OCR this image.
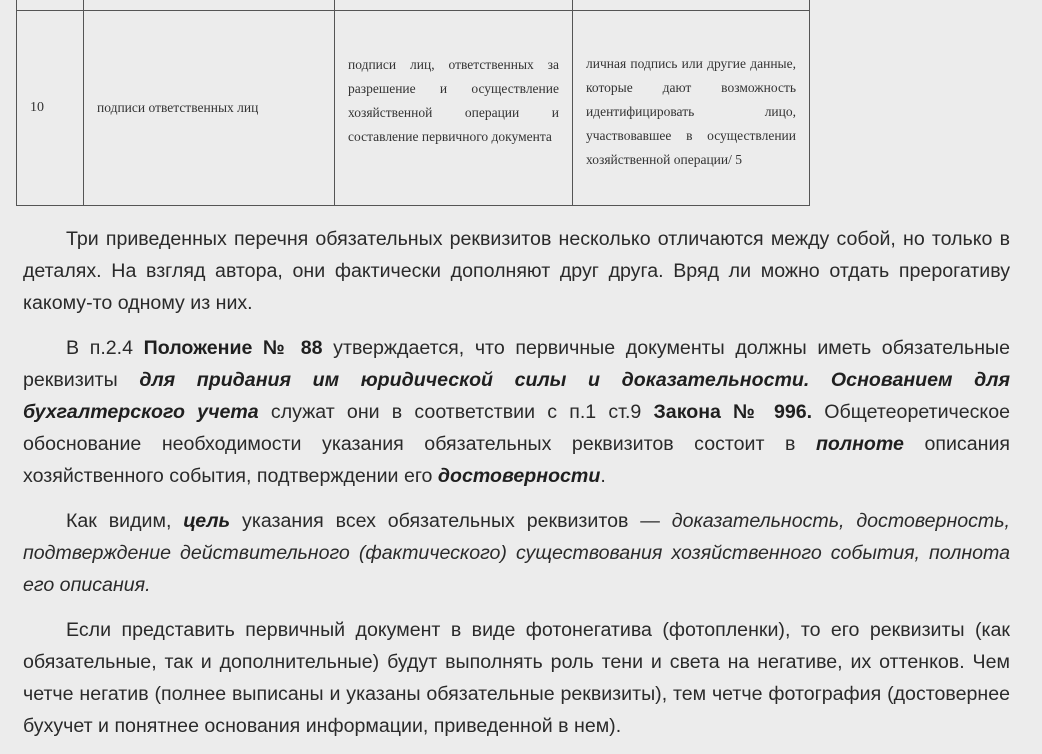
10	подписи ответственных лиц	подписи лиц, ответственных за разрешение и осуществление хозяйственной операции и составление первичного документа	личная подпись или другие данные, которые дают возможность идентифицировать лицо, участвовавшее в осуществлении хозяйственной операции/ 5

Три приведенных перечня обязательных реквизитов несколько отличаются между собой, но только в деталях. На взгляд автора, они фактически дополняют друг друга. Вряд ли можно отдать прерогативу какому-то одному из них.

В п.2.4 Положение № 88 утверждается, что первичные документы должны иметь обязательные реквизиты для придания им юридической силы и доказательности. Основанием для бухгалтерского учета служат они в соответствии с п.1 ст.9 Закона № 996. Общетеоретическое обоснование необходимости указания обязательных реквизитов состоит в полноте описания хозяйственного события, подтверждении его достоверности.

Как видим, цель указания всех обязательных реквизитов — доказательность, достоверность, подтверждение действительного (фактического) существования хозяйственного события, полнота его описания.

Если представить первичный документ в виде фотонегатива (фотопленки), то его реквизиты (как обязательные, так и дополнительные) будут выполнять роль тени и света на негативе, их оттенков. Чем четче негатив (полнее выписаны и указаны обязательные реквизиты), тем четче фотография (достовернее бухучет и понятнее основания информации, приведенной в нем).
